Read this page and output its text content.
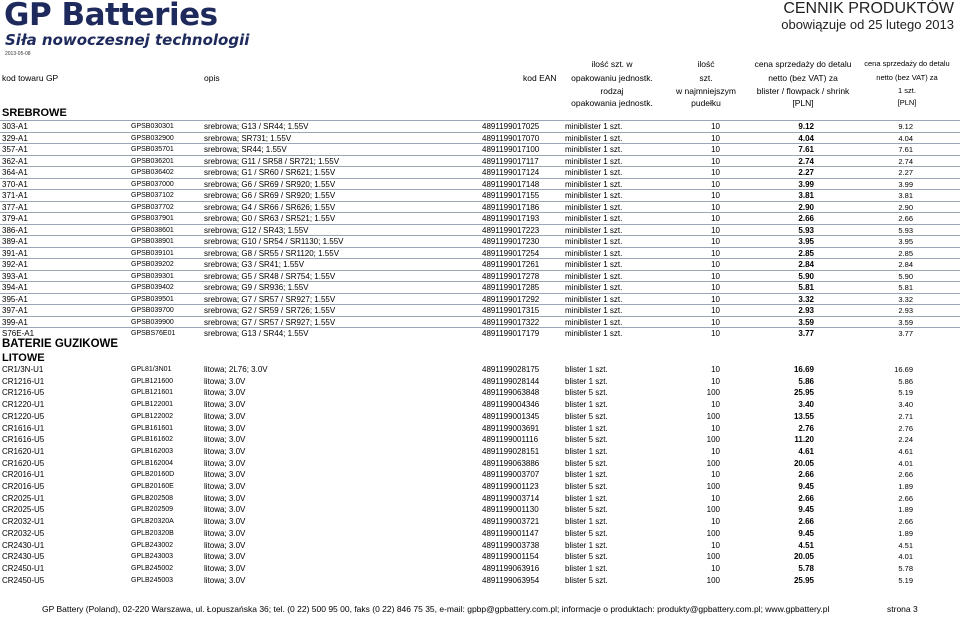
GP Batteries
Siła nowoczesnej technologii
2013-05-08
CENNIK PRODUKTÓW
obowiązuje od 25 lutego 2013
kod towaru GP	opis	kod EAN
ilość szt. w
opakowaniu jednostk.
rodzaj
opakowania jednostk.
ilość
szt.
w najmniejszym
pudełku
cena sprzedaży do detalu
netto (bez VAT) za
blister / flowpack / shrink
[PLN]
cena sprzedaży do detalu
netto (bez VAT) za
1 szt.
[PLN]
SREBROWE
303-A1	GPSB030301	srebrowa; G13 / SR44; 1.55V	4891199017025	miniblister 1 szt.	10	9.12	9.12
329-A1	GPSB032900	srebrowa; SR731; 1.55V	4891199017070	miniblister 1 szt.	10	4.04	4.04
357-A1	GPSB035701	srebrowa; SR44; 1.55V	4891199017100	miniblister 1 szt.	10	7.61	7.61
362-A1	GPSB036201	srebrowa; G11 / SR58 / SR721; 1.55V	4891199017117	miniblister 1 szt.	10	2.74	2.74
364-A1	GPSB036402	srebrowa; G1 / SR60 / SR621; 1.55V	4891199017124	miniblister 1 szt.	10	2.27	2.27
370-A1	GPSB037000	srebrowa; G6 / SR69 / SR920; 1.55V	4891199017148	miniblister 1 szt.	10	3.99	3.99
371-A1	GPSB037102	srebrowa; G6 / SR69 / SR920; 1.55V	4891199017155	miniblister 1 szt.	10	3.81	3.81
377-A1	GPSB037702	srebrowa; G4 / SR66 / SR626; 1.55V	4891199017186	miniblister 1 szt.	10	2.90	2.90
379-A1	GPSB037901	srebrowa; G0 / SR63 / SR521; 1.55V	4891199017193	miniblister 1 szt.	10	2.66	2.66
386-A1	GPSB038601	srebrowa; G12 / SR43; 1.55V	4891199017223	miniblister 1 szt.	10	5.93	5.93
389-A1	GPSB038901	srebrowa; G10 / SR54 / SR1130; 1.55V	4891199017230	miniblister 1 szt.	10	3.95	3.95
391-A1	GPSB039101	srebrowa; G8 / SR55 / SR1120; 1.55V	4891199017254	miniblister 1 szt.	10	2.85	2.85
392-A1	GPSB039202	srebrowa; G3 / SR41; 1.55V	4891199017261	miniblister 1 szt.	10	2.84	2.84
393-A1	GPSB039301	srebrowa; G5 / SR48 / SR754; 1.55V	4891199017278	miniblister 1 szt.	10	5.90	5.90
394-A1	GPSB039402	srebrowa; G9 / SR936; 1.55V	4891199017285	miniblister 1 szt.	10	5.81	5.81
395-A1	GPSB039501	srebrowa; G7 / SR57 / SR927; 1.55V	4891199017292	miniblister 1 szt.	10	3.32	3.32
397-A1	GPSB039700	srebrowa; G2 / SR59 / SR726; 1.55V	4891199017315	miniblister 1 szt.	10	2.93	2.93
399-A1	GPSB039900	srebrowa; G7 / SR57 / SR927; 1.55V	4891199017322	miniblister 1 szt.	10	3.59	3.59
S76E-A1	GPSBS76E01	srebrowa; G13 / SR44; 1.55V	4891199017179	miniblister 1 szt.	10	3.77	3.77
BATERIE GUZIKOWE
LITOWE
CR1/3N-U1	GPL81/3N01	litowa; 2L76; 3.0V	4891199028175	blister 1 szt.	10	16.69	16.69
CR1216-U1	GPLB121600	litowa; 3.0V	4891199028144	blister 1 szt.	10	5.86	5.86
CR1216-U5	GPLB121601	litowa; 3.0V	4891199063848	blister 5 szt.	100	25.95	5.19
CR1220-U1	GPLB122001	litowa; 3.0V	4891199004346	blister 1 szt.	10	3.40	3.40
CR1220-U5	GPLB122002	litowa; 3.0V	4891199001345	blister 5 szt.	100	13.55	2.71
CR1616-U1	GPLB161601	litowa; 3.0V	4891199003691	blister 1 szt.	10	2.76	2.76
CR1616-U5	GPLB161602	litowa; 3.0V	4891199001116	blister 5 szt.	100	11.20	2.24
CR1620-U1	GPLB162003	litowa; 3.0V	4891199028151	blister 1 szt.	10	4.61	4.61
CR1620-U5	GPLB162004	litowa; 3.0V	4891199063886	blister 5 szt.	100	20.05	4.01
CR2016-U1	GPLB20160D	litowa; 3.0V	4891199003707	blister 1 szt.	10	2.66	2.66
CR2016-U5	GPLB20160E	litowa; 3.0V	4891199001123	blister 5 szt.	100	9.45	1.89
CR2025-U1	GPLB202508	litowa; 3.0V	4891199003714	blister 1 szt.	10	2.66	2.66
CR2025-U5	GPLB202509	litowa; 3.0V	4891199001130	blister 5 szt.	100	9.45	1.89
CR2032-U1	GPLB20320A	litowa; 3.0V	4891199003721	blister 1 szt.	10	2.66	2.66
CR2032-U5	GPLB20320B	litowa; 3.0V	4891199001147	blister 5 szt.	100	9.45	1.89
CR2430-U1	GPLB243002	litowa; 3.0V	4891199003738	blister 1 szt.	10	4.51	4.51
CR2430-U5	GPLB243003	litowa; 3.0V	4891199001154	blister 5 szt.	100	20.05	4.01
CR2450-U1	GPLB245002	litowa; 3.0V	4891199063916	blister 1 szt.	10	5.78	5.78
CR2450-U5	GPLB245003	litowa; 3.0V	4891199063954	blister 5 szt.	100	25.95	5.19
GP Battery (Poland), 02-220 Warszawa, ul. Łopuszańska 36; tel. (0 22) 500 95 00, faks (0 22) 846 75 35, e-mail: gpbp@gpbattery.com.pl; informacje o produktach: produkty@gpbattery.com.pl; www.gpbattery.pl	strona 3
